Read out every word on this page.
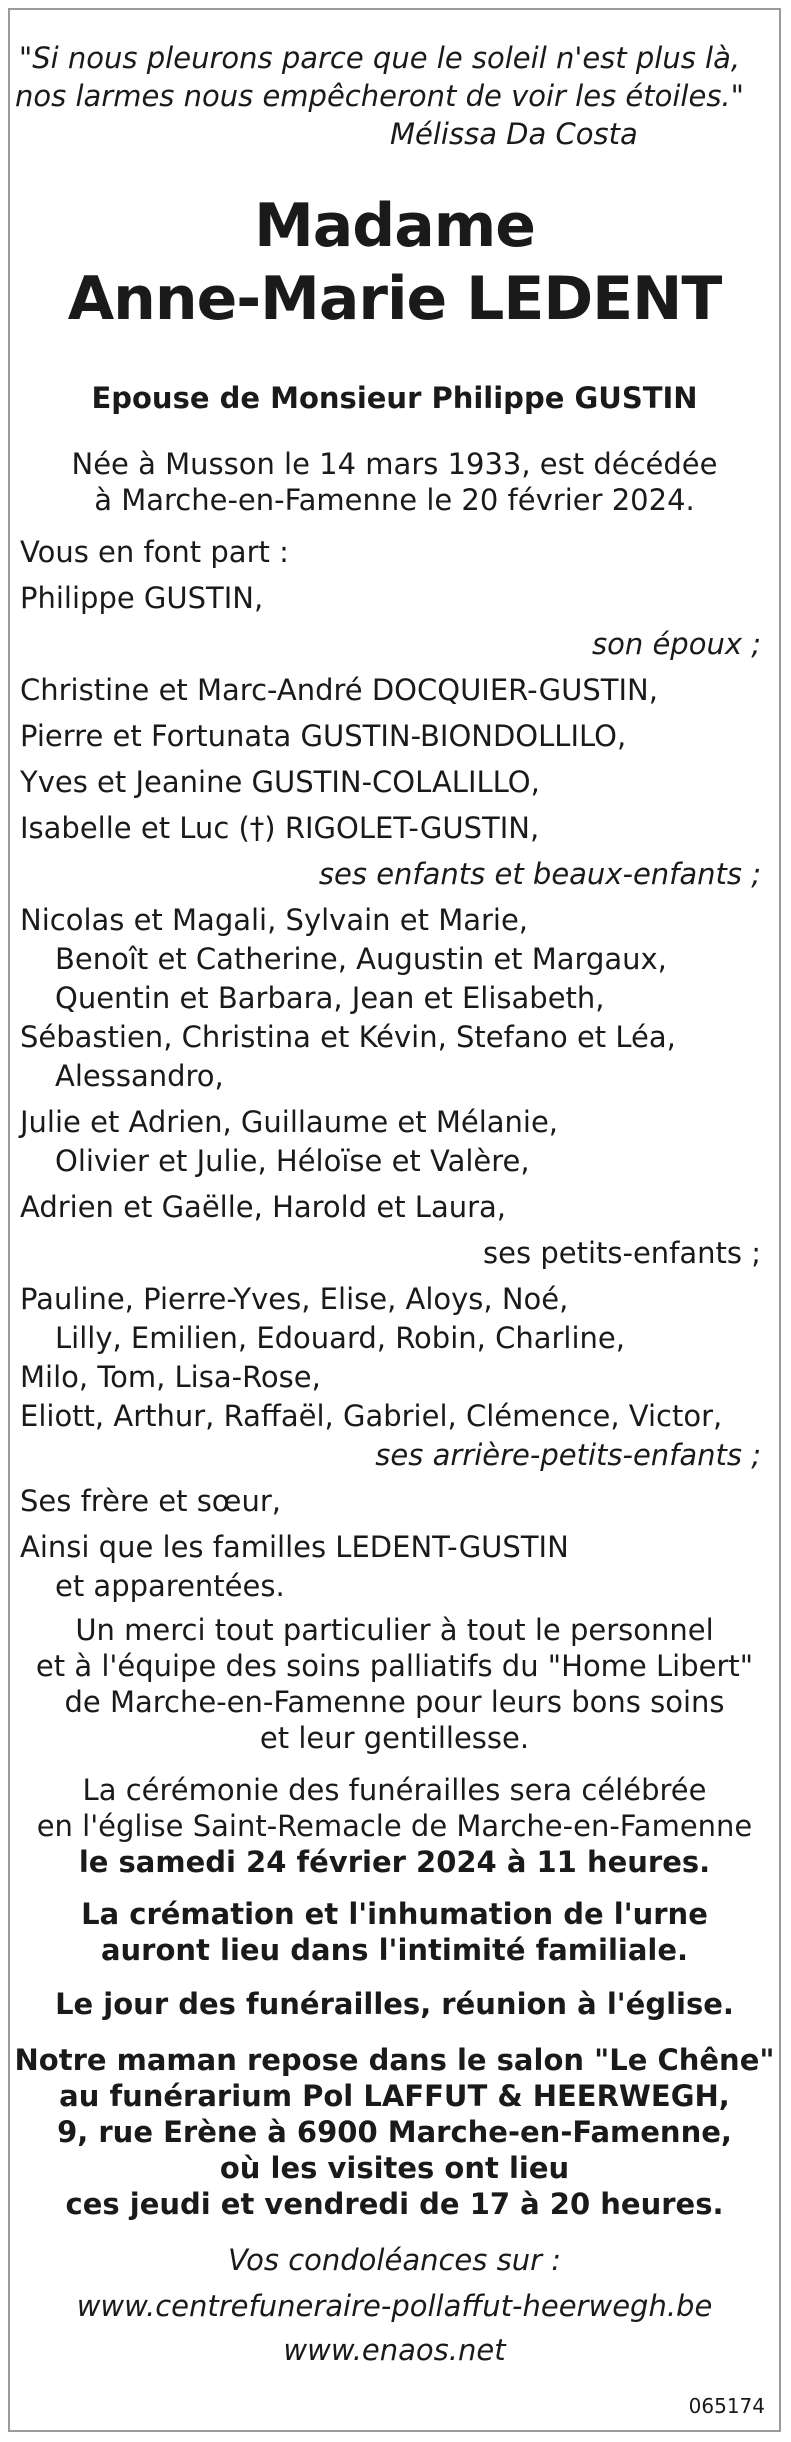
"Si nous pleurons parce que le soleil n'est plus là,
nos larmes nous empêcheront de voir les étoiles."
Mélissa Da Costa
Madame
Anne-Marie LEDENT
Epouse de Monsieur Philippe GUSTIN
Née à Musson le 14 mars 1933, est décédée
à Marche-en-Famenne le 20 février 2024.
Vous en font part :
Philippe GUSTIN,
son époux ;
Christine et Marc-André DOCQUIER-GUSTIN,
Pierre et Fortunata GUSTIN-BIONDOLLILO,
Yves et Jeanine GUSTIN-COLALILLO,
Isabelle et Luc (†) RIGOLET-GUSTIN,
ses enfants et beaux-enfants ;
Nicolas et Magali, Sylvain et Marie,
Benoît et Catherine, Augustin et Margaux,
Quentin et Barbara, Jean et Elisabeth,
Sébastien, Christina et Kévin, Stefano et Léa,
Alessandro,
Julie et Adrien, Guillaume et Mélanie,
Olivier et Julie, Héloïse et Valère,
Adrien et Gaëlle, Harold et Laura,
ses petits-enfants ;
Pauline, Pierre-Yves, Elise, Aloys, Noé,
Lilly, Emilien, Edouard, Robin, Charline,
Milo, Tom, Lisa-Rose,
Eliott, Arthur, Raffaël, Gabriel, Clémence, Victor,
ses arrière-petits-enfants ;
Ses frère et sœur,
Ainsi que les familles LEDENT-GUSTIN
et apparentées.
Un merci tout particulier à tout le personnel
et à l'équipe des soins palliatifs du "Home Libert"
de Marche-en-Famenne pour leurs bons soins
et leur gentillesse.
La cérémonie des funérailles sera célébrée
en l'église Saint-Remacle de Marche-en-Famenne
le samedi 24 février 2024 à 11 heures.
La crémation et l'inhumation de l'urne
auront lieu dans l'intimité familiale.
Le jour des funérailles, réunion à l'église.
Notre maman repose dans le salon "Le Chêne"
au funérarium Pol LAFFUT & HEERWEGH,
9, rue Erène à 6900 Marche-en-Famenne,
où les visites ont lieu
ces jeudi et vendredi de 17 à 20 heures.
Vos condoléances sur :
www.centrefuneraire-pollaffut-heerwegh.be
www.enaos.net
065174
